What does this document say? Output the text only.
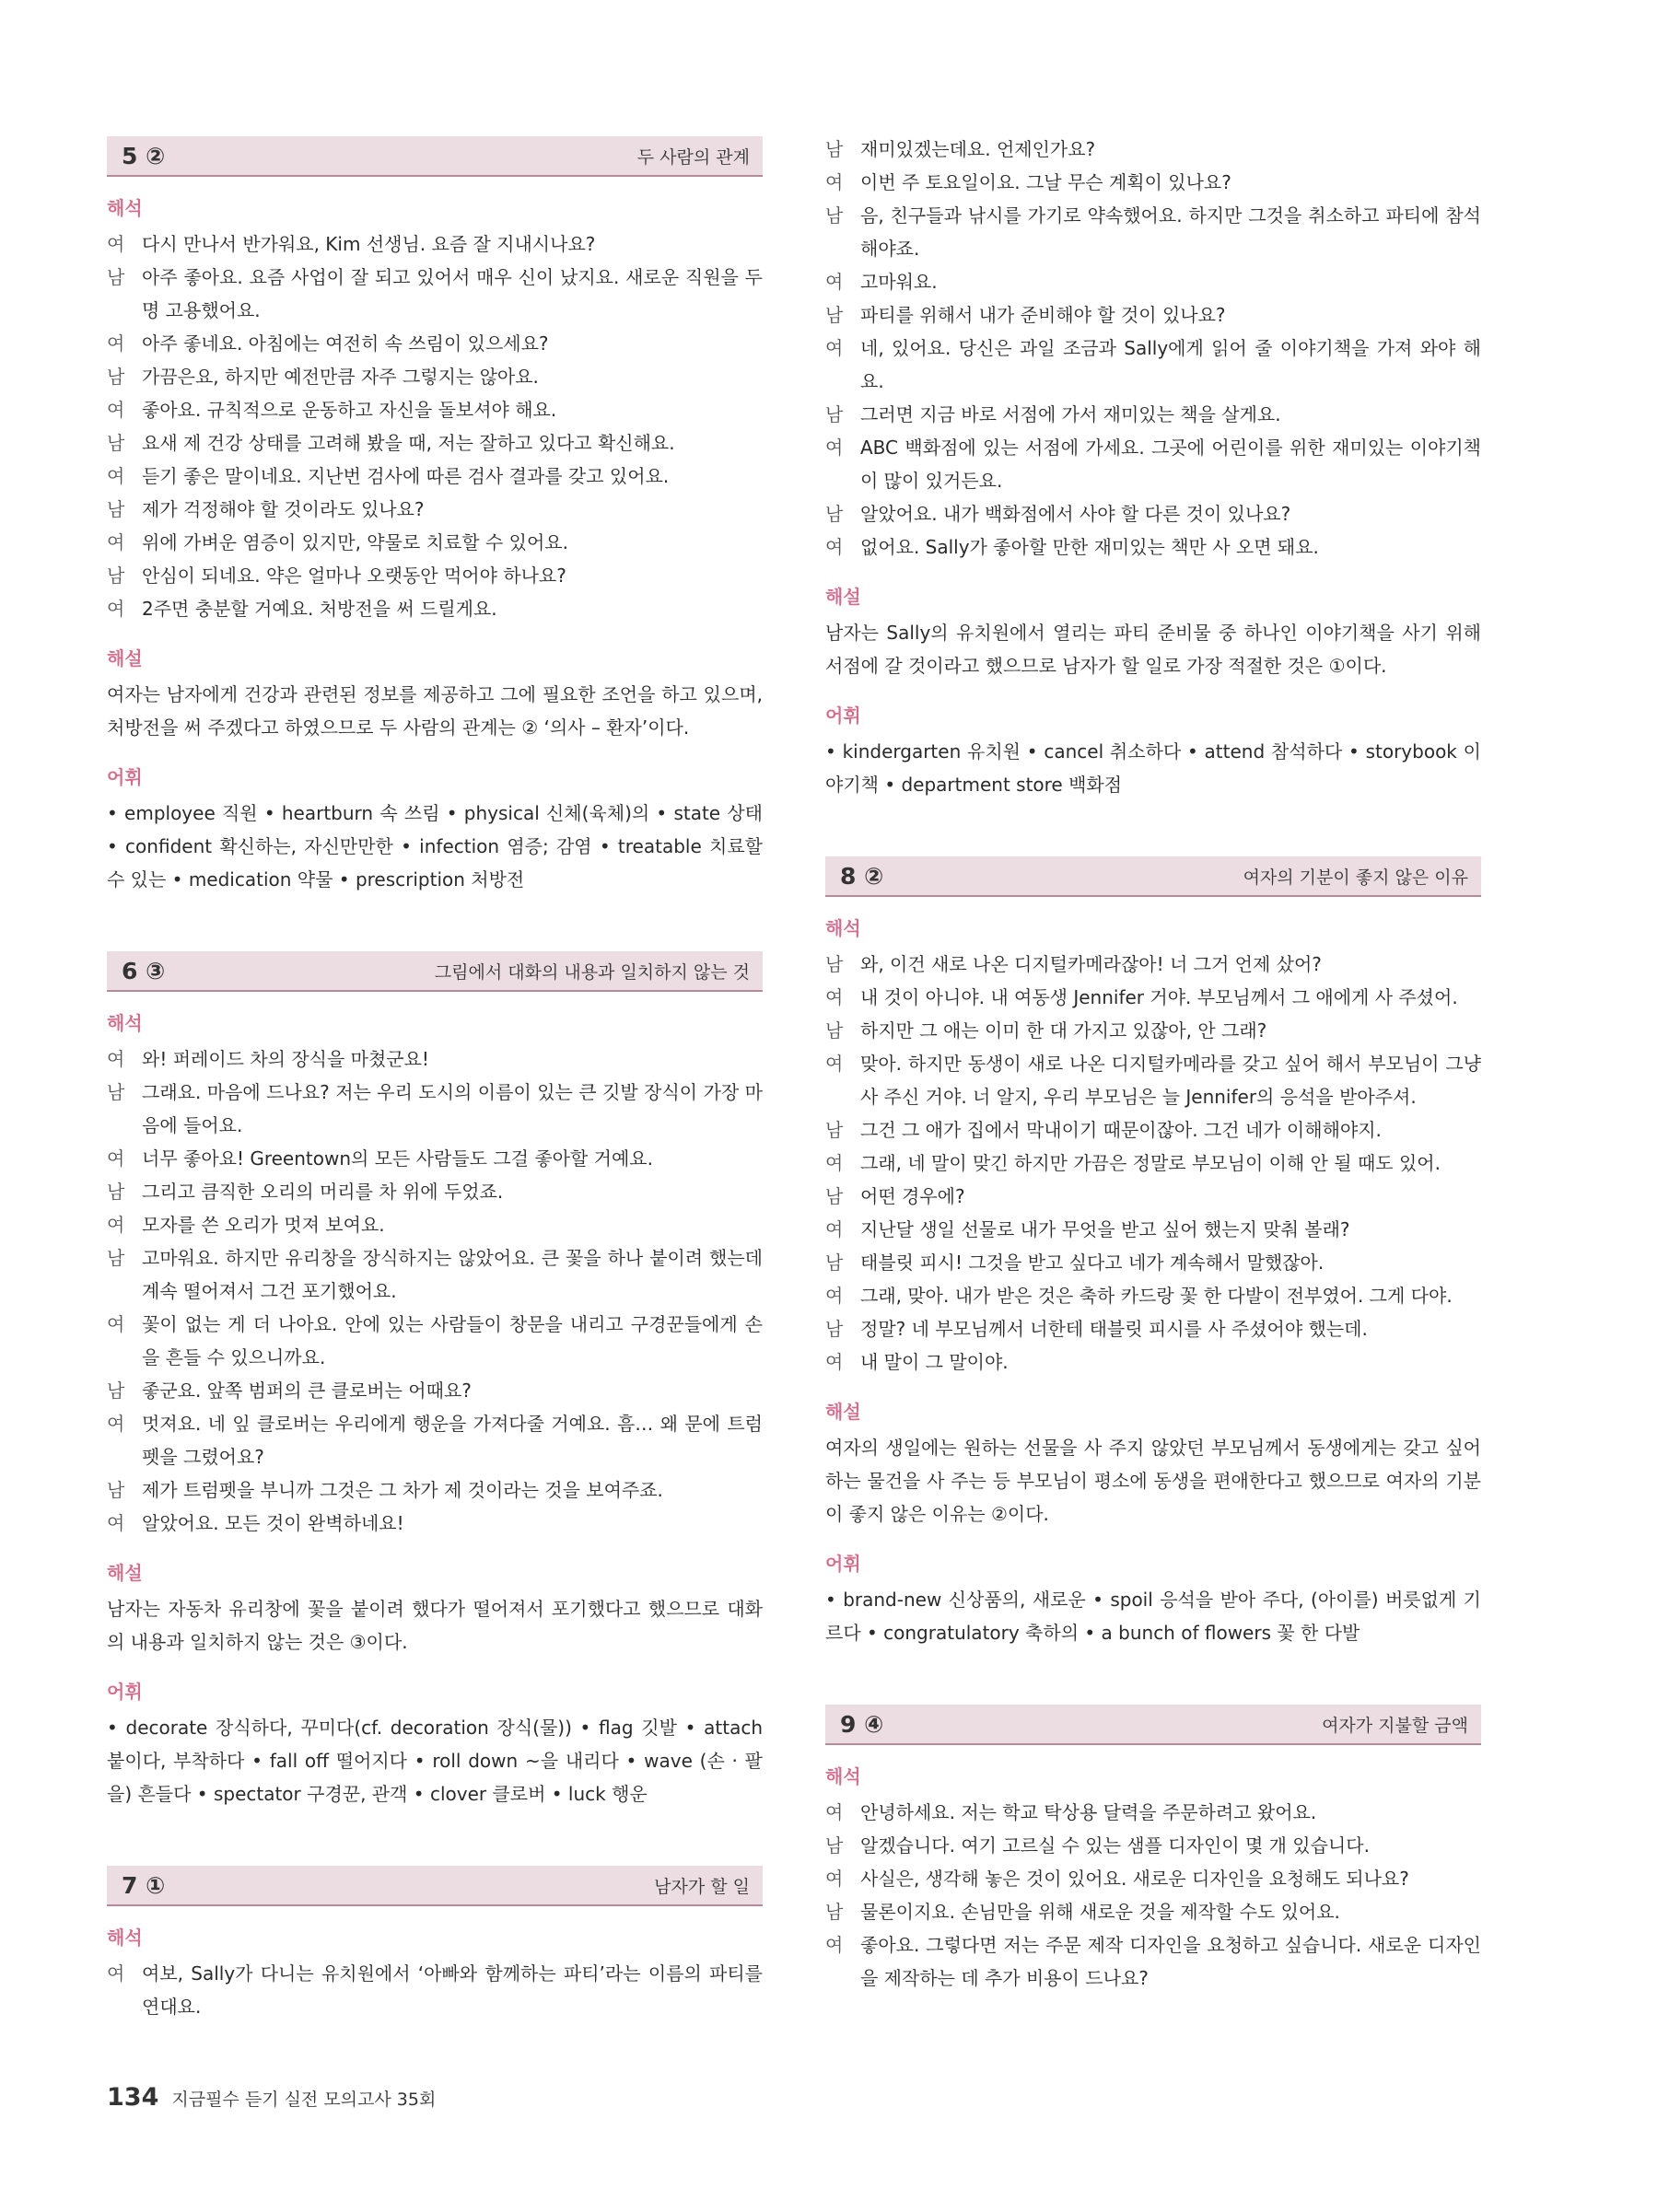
5 ②	두 사람의 관계
해석
여 다시 만나서 반가워요, Kim 선생님. 요즘 잘 지내시나요?
남 아주 좋아요. 요즘 사업이 잘 되고 있어서 매우 신이 났지요. 새로운 직원을 두 명 고용했어요.
여 아주 좋네요. 아침에는 여전히 속 쓰림이 있으세요?
남 가끔은요, 하지만 예전만큼 자주 그렇지는 않아요.
여 좋아요. 규칙적으로 운동하고 자신을 돌보셔야 해요.
남 요새 제 건강 상태를 고려해 봤을 때, 저는 잘하고 있다고 확신해요.
여 듣기 좋은 말이네요. 지난번 검사에 따른 검사 결과를 갖고 있어요.
남 제가 걱정해야 할 것이라도 있나요?
여 위에 가벼운 염증이 있지만, 약물로 치료할 수 있어요.
남 안심이 되네요. 약은 얼마나 오랫동안 먹어야 하나요?
여 2주면 충분할 거예요. 처방전을 써 드릴게요.
해설
여자는 남자에게 건강과 관련된 정보를 제공하고 그에 필요한 조언을 하고 있으며, 처방전을 써 주겠다고 하였으므로 두 사람의 관계는 ② ‘의사 – 환자’이다.
어휘
• employee 직원 • heartburn 속 쓰림 • physical 신체(육체)의 • state 상태 • confident 확신하는, 자신만만한 • infection 염증; 감염 • treatable 치료할 수 있는 • medication 약물 • prescription 처방전
6 ③	그림에서 대화의 내용과 일치하지 않는 것
해석
여 와! 퍼레이드 차의 장식을 마쳤군요!
남 그래요. 마음에 드나요? 저는 우리 도시의 이름이 있는 큰 깃발 장식이 가장 마음에 들어요.
여 너무 좋아요! Greentown의 모든 사람들도 그걸 좋아할 거예요.
남 그리고 큼직한 오리의 머리를 차 위에 두었죠.
여 모자를 쓴 오리가 멋져 보여요.
남 고마워요. 하지만 유리창을 장식하지는 않았어요. 큰 꽃을 하나 붙이려 했는데 계속 떨어져서 그건 포기했어요.
여 꽃이 없는 게 더 나아요. 안에 있는 사람들이 창문을 내리고 구경꾼들에게 손을 흔들 수 있으니까요.
남 좋군요. 앞쪽 범퍼의 큰 클로버는 어때요?
여 멋져요. 네 잎 클로버는 우리에게 행운을 가져다줄 거예요. 흠… 왜 문에 트럼펫을 그렸어요?
남 제가 트럼펫을 부니까 그것은 그 차가 제 것이라는 것을 보여주죠.
여 알았어요. 모든 것이 완벽하네요!
해설
남자는 자동차 유리창에 꽃을 붙이려 했다가 떨어져서 포기했다고 했으므로 대화의 내용과 일치하지 않는 것은 ③이다.
어휘
• decorate 장식하다, 꾸미다(cf. decoration 장식(물)) • flag 깃발 • attach 붙이다, 부착하다 • fall off 떨어지다 • roll down ~을 내리다 • wave (손 · 팔을) 흔들다 • spectator 구경꾼, 관객 • clover 클로버 • luck 행운
7 ①	남자가 할 일
해석
여 여보, Sally가 다니는 유치원에서 ‘아빠와 함께하는 파티’라는 이름의 파티를 연대요.
남 재미있겠는데요. 언제인가요?
여 이번 주 토요일이요. 그날 무슨 계획이 있나요?
남 음, 친구들과 낚시를 가기로 약속했어요. 하지만 그것을 취소하고 파티에 참석해야죠.
여 고마워요.
남 파티를 위해서 내가 준비해야 할 것이 있나요?
여 네, 있어요. 당신은 과일 조금과 Sally에게 읽어 줄 이야기책을 가져 와야 해요.
남 그러면 지금 바로 서점에 가서 재미있는 책을 살게요.
여 ABC 백화점에 있는 서점에 가세요. 그곳에 어린이를 위한 재미있는 이야기책이 많이 있거든요.
남 알았어요. 내가 백화점에서 사야 할 다른 것이 있나요?
여 없어요. Sally가 좋아할 만한 재미있는 책만 사 오면 돼요.
해설
남자는 Sally의 유치원에서 열리는 파티 준비물 중 하나인 이야기책을 사기 위해 서점에 갈 것이라고 했으므로 남자가 할 일로 가장 적절한 것은 ①이다.
어휘
• kindergarten 유치원 • cancel 취소하다 • attend 참석하다 • storybook 이야기책 • department store 백화점
8 ②	여자의 기분이 좋지 않은 이유
해석
남 와, 이건 새로 나온 디지털카메라잖아! 너 그거 언제 샀어?
여 내 것이 아니야. 내 여동생 Jennifer 거야. 부모님께서 그 애에게 사 주셨어.
남 하지만 그 애는 이미 한 대 가지고 있잖아, 안 그래?
여 맞아. 하지만 동생이 새로 나온 디지털카메라를 갖고 싶어 해서 부모님이 그냥 사 주신 거야. 너 알지, 우리 부모님은 늘 Jennifer의 응석을 받아주셔.
남 그건 그 애가 집에서 막내이기 때문이잖아. 그건 네가 이해해야지.
여 그래, 네 말이 맞긴 하지만 가끔은 정말로 부모님이 이해 안 될 때도 있어.
남 어떤 경우에?
여 지난달 생일 선물로 내가 무엇을 받고 싶어 했는지 맞춰 볼래?
남 태블릿 피시! 그것을 받고 싶다고 네가 계속해서 말했잖아.
여 그래, 맞아. 내가 받은 것은 축하 카드랑 꽃 한 다발이 전부였어. 그게 다야.
남 정말? 네 부모님께서 너한테 태블릿 피시를 사 주셨어야 했는데.
여 내 말이 그 말이야.
해설
여자의 생일에는 원하는 선물을 사 주지 않았던 부모님께서 동생에게는 갖고 싶어 하는 물건을 사 주는 등 부모님이 평소에 동생을 편애한다고 했으므로 여자의 기분이 좋지 않은 이유는 ②이다.
어휘
• brand-new 신상품의, 새로운 • spoil 응석을 받아 주다, (아이를) 버릇없게 기르다 • congratulatory 축하의 • a bunch of flowers 꽃 한 다발
9 ④	여자가 지불할 금액
해석
여 안녕하세요. 저는 학교 탁상용 달력을 주문하려고 왔어요.
남 알겠습니다. 여기 고르실 수 있는 샘플 디자인이 몇 개 있습니다.
여 사실은, 생각해 놓은 것이 있어요. 새로운 디자인을 요청해도 되나요?
남 물론이지요. 손님만을 위해 새로운 것을 제작할 수도 있어요.
여 좋아요. 그렇다면 저는 주문 제작 디자인을 요청하고 싶습니다. 새로운 디자인을 제작하는 데 추가 비용이 드나요?
134 지금필수 듣기 실전 모의고사 35회
